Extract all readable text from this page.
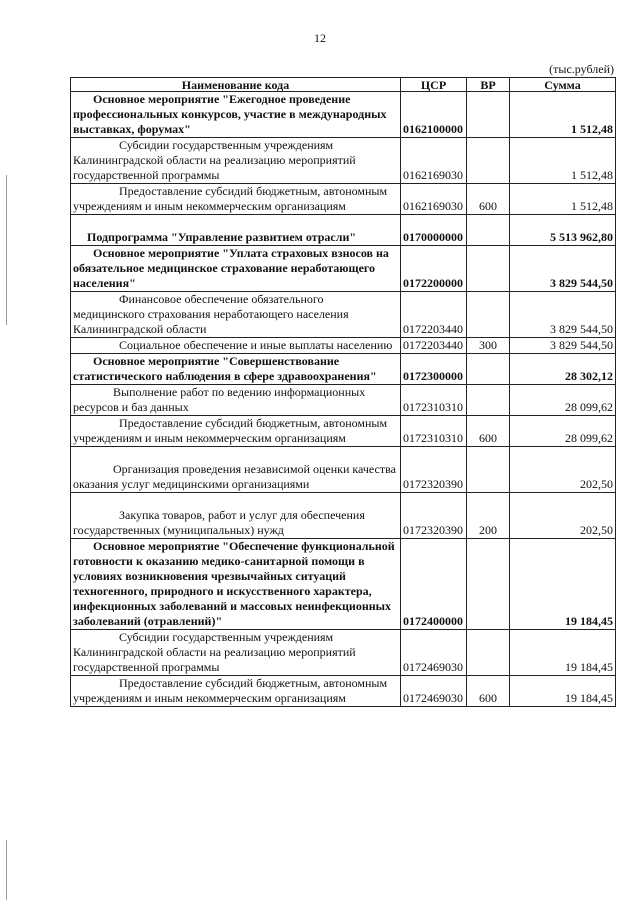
12
(тыс.рублей)
Наименование кода	ЦСР	ВР	Сумма
Основное мероприятие "Ежегодное проведение профессиональных конкурсов, участие в международных выставках, форумах"	0162100000		1 512,48
Субсидии государственным учреждениям Калининградской области на реализацию мероприятий государственной программы	0162169030		1 512,48
Предоставление субсидий бюджетным, автономным учреждениям и иным некоммерческим организациям	0162169030	600	1 512,48
Подпрограмма "Управление развитием отрасли"	0170000000		5 513 962,80
Основное мероприятие "Уплата страховых взносов на обязательное медицинское страхование неработающего населения"	0172200000		3 829 544,50
Финансовое обеспечение обязательного медицинского страхования неработающего населения Калининградской области	0172203440		3 829 544,50
Социальное обеспечение и иные выплаты населению	0172203440	300	3 829 544,50
Основное мероприятие "Совершенствование статистического наблюдения в сфере здравоохранения"	0172300000		28 302,12
Выполнение работ по ведению информационных ресурсов и баз данных	0172310310		28 099,62
Предоставление субсидий бюджетным, автономным учреждениям и иным некоммерческим организациям	0172310310	600	28 099,62
Организация проведения независимой оценки качества оказания услуг медицинскими организациями	0172320390		202,50
Закупка товаров, работ и услуг для обеспечения государственных (муниципальных) нужд	0172320390	200	202,50
Основное мероприятие "Обеспечение функциональной готовности к оказанию медико-санитарной помощи в условиях возникновения чрезвычайных ситуаций техногенного, природного и искусственного характера, инфекционных заболеваний и массовых неинфекционных заболеваний (отравлений)"	0172400000		19 184,45
Субсидии государственным учреждениям Калининградской области на реализацию мероприятий государственной программы	0172469030		19 184,45
Предоставление субсидий бюджетным, автономным учреждениям и иным некоммерческим организациям	0172469030	600	19 184,45
